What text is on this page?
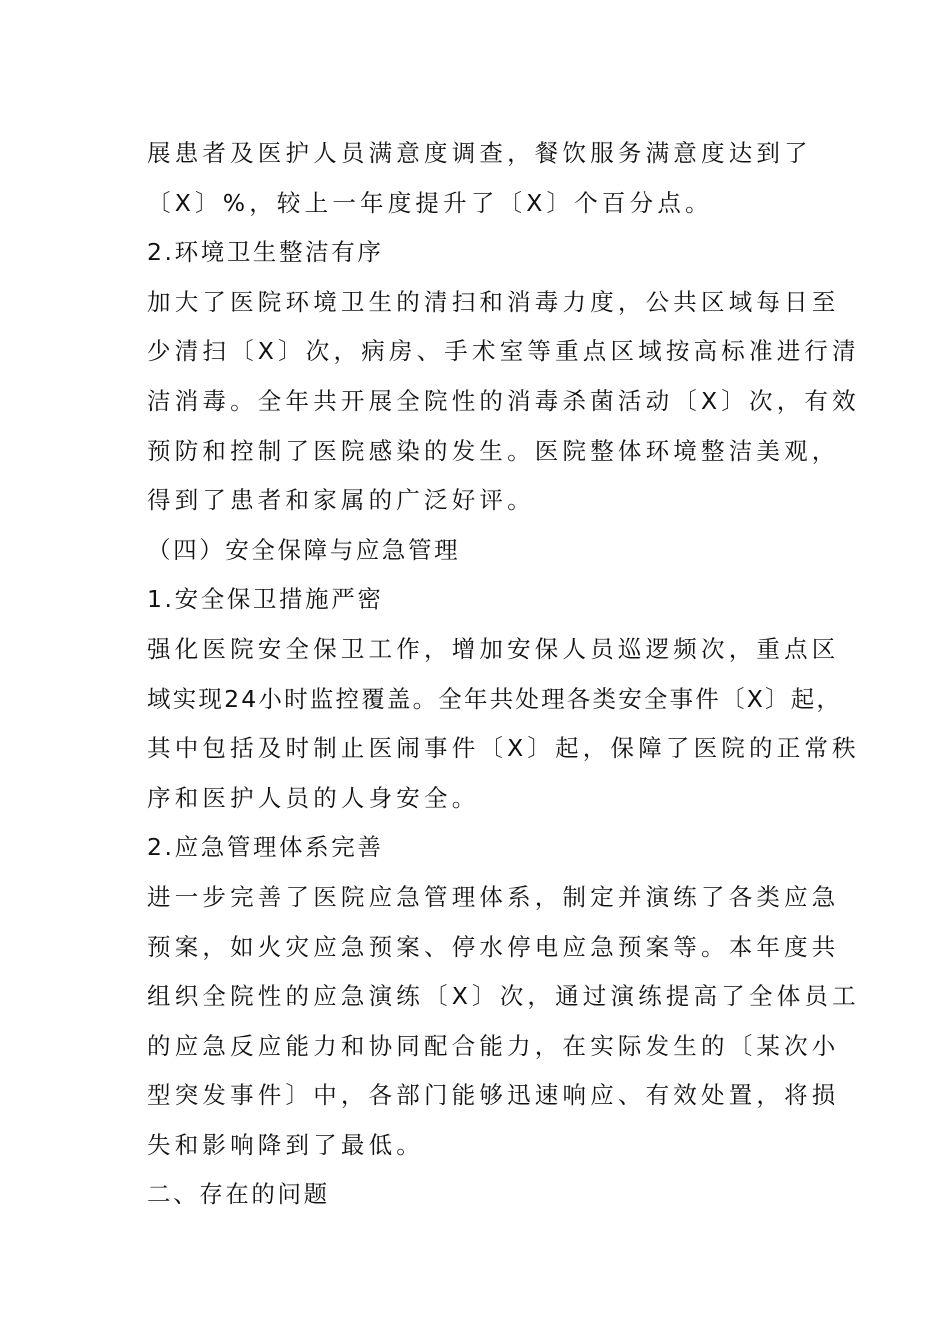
展患者及医护人员满意度调查，餐饮服务满意度达到了
〔X〕%，较上一年度提升了〔X〕个百分点。
2.环境卫生整洁有序
加大了医院环境卫生的清扫和消毒力度，公共区域每日至
少清扫〔X〕次，病房、手术室等重点区域按高标准进行清
洁消毒。全年共开展全院性的消毒杀菌活动〔X〕次，有效
预防和控制了医院感染的发生。医院整体环境整洁美观，
得到了患者和家属的广泛好评。
（四）安全保障与应急管理
1.安全保卫措施严密
强化医院安全保卫工作，增加安保人员巡逻频次，重点区
域实现24小时监控覆盖。全年共处理各类安全事件〔X〕起，
其中包括及时制止医闹事件〔X〕起，保障了医院的正常秩
序和医护人员的人身安全。
2.应急管理体系完善
进一步完善了医院应急管理体系，制定并演练了各类应急
预案，如火灾应急预案、停水停电应急预案等。本年度共
组织全院性的应急演练〔X〕次，通过演练提高了全体员工
的应急反应能力和协同配合能力，在实际发生的〔某次小
型突发事件〕中，各部门能够迅速响应、有效处置，将损
失和影响降到了最低。
二、存在的问题
